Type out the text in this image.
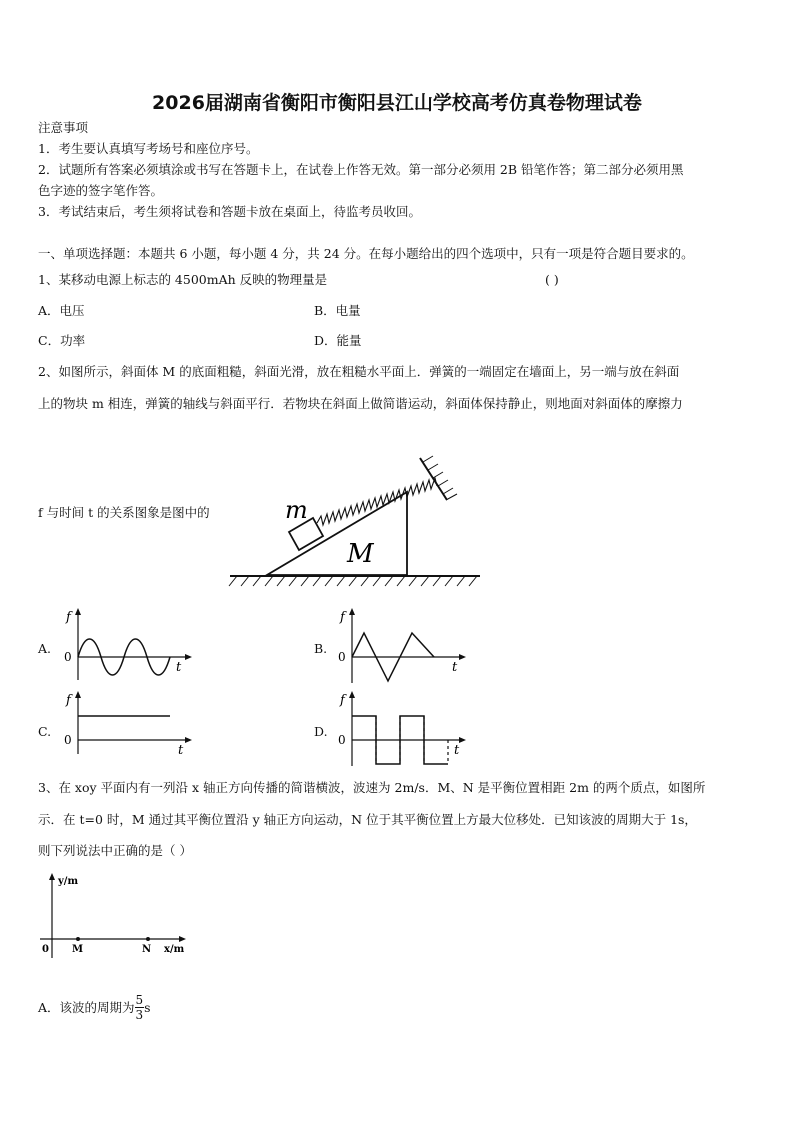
2026届湖南省衡阳市衡阳县江山学校高考仿真卷物理试卷
注意事项
1．考生要认真填写考场号和座位序号。
2．试题所有答案必须填涂或书写在答题卡上，在试卷上作答无效。第一部分必须用 2B 铅笔作答；第二部分必须用黑
色字迹的签字笔作答。
3．考试结束后，考生须将试卷和答题卡放在桌面上，待监考员收回。
一、单项选择题：本题共 6 小题，每小题 4 分，共 24 分。在每小题给出的四个选项中，只有一项是符合题目要求的。
1、某移动电源上标志的 4500mAh 反映的物理量是	( )
A．电压	B．电量
C．功率	D．能量
2、如图所示，斜面体 M 的底面粗糙，斜面光滑，放在粗糙水平面上．弹簧的一端固定在墙面上，另一端与放在斜面
上的物块 m 相连，弹簧的轴线与斜面平行．若物块在斜面上做简谐运动，斜面体保持静止，则地面对斜面体的摩擦力
f 与时间 t 的关系图象是图中的	m
M
A.	B.
C.	D.
f
0
t
f
0
t
f
0
t
f
0
t
3、在 xoy 平面内有一列沿 x 轴正方向传播的简谐横波，波速为 2m/s．M、N 是平衡位置相距 2m 的两个质点，如图所
示．在 t=0 时，M 通过其平衡位置沿 y 轴正方向运动，N 位于其平衡位置上方最大位移处．已知该波的周期大于 1s，
则下列说法中正确的是（ ）
y/m
x/m
0 M	N
A．该波的周期为 $\frac{5}{3}$ s
